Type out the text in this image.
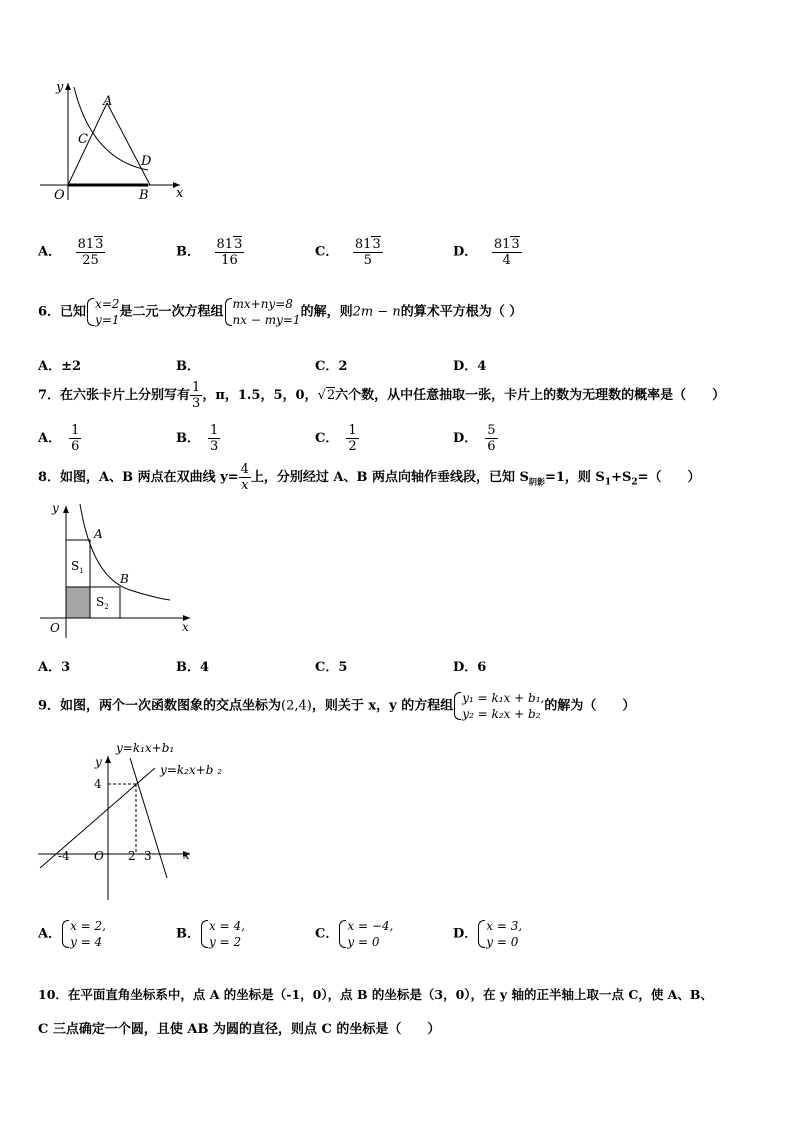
y
x
O
A
B
C
D
A． $\frac{813}{25}$	B． $\frac{813}{16}$	C． $\frac{813}{5}$	D． $\frac{813}{4}$
6．已知
x=2
y=1
是二元一次方程组
mx+ny=8
nx − my=1
的解，则2m − n的算术平方根为（ ）
A．±2	B．	C．2	D．4
7．在六张卡片上分别写有 $\frac{1}{3}$ ，π，1.5，5，0，√2六个数，从中任意抽取一张，卡片上的数为无理数的概率是（　　）
A． $\frac{1}{6}$	B． $\frac{1}{3}$	C． $\frac{1}{2}$	D． $\frac{5}{6}$
8．如图，A、B 两点在双曲线 $y= \frac{4}{x}$ 上，分别经过 A、B 两点向轴作垂线段，已知 $S_{阴影}=1$，则 $S_1+S_2=$（　　）
y
x
O
A
B
$S_1$
$S_2$
A．3	B．4	C．5	D．6
9．如图，两个一次函数图象的交点坐标为(2,4)，则关于 x，y 的方程组
y₁ = k₁x + b₁,
y₂ = k₂x + b₂
的解为（　　）
y=k₁x+b₁
y=k₂x+b ₂
y
x
O
4
-4	2 3
A．
x = 2,
y = 4
B．
x = 4,
y = 2
C．
x = −4,
y = 0
D．
x = 3,
y = 0
10．在平面直角坐标系中，点 A 的坐标是（-1，0），点 B 的坐标是（3，0），在 y 轴的正半轴上取一点 C，使 A、B、
C 三点确定一个圆，且使 AB 为圆的直径，则点 C 的坐标是（　　）
